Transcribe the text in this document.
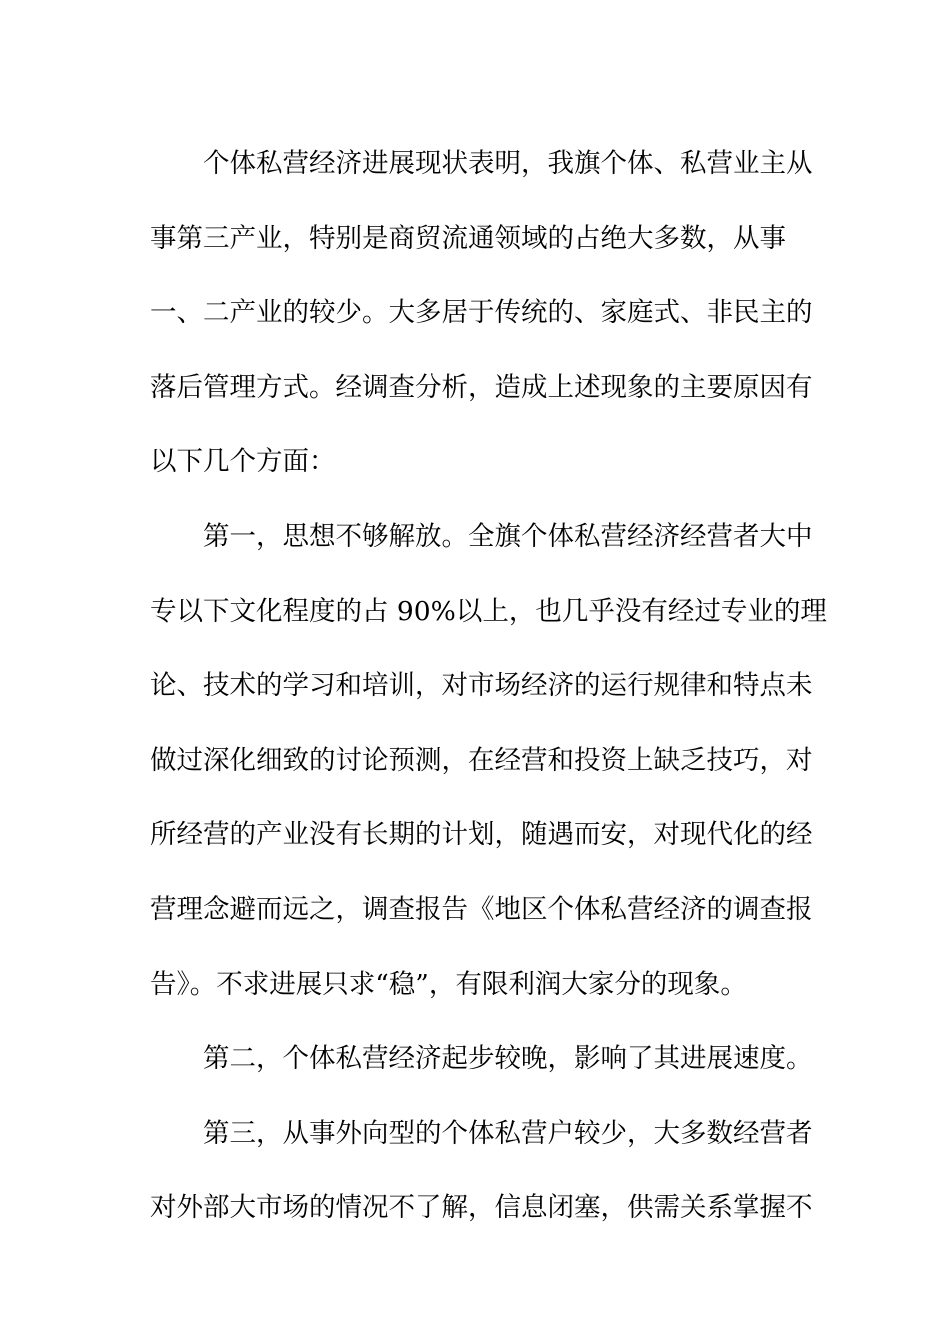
个体私营经济进展现状表明，我旗个体、私营业主从
事第三产业，特别是商贸流通领域的占绝大多数，从事
一、二产业的较少。大多居于传统的、家庭式、非民主的
落后管理方式。经调查分析，造成上述现象的主要原因有
以下几个方面：
第一，思想不够解放。全旗个体私营经济经营者大中
专以下文化程度的占 90%以上，也几乎没有经过专业的理
论、技术的学习和培训，对市场经济的运行规律和特点未
做过深化细致的讨论预测，在经营和投资上缺乏技巧，对
所经营的产业没有长期的计划，随遇而安，对现代化的经
营理念避而远之，调查报告《地区个体私营经济的调查报
告》。不求进展只求“稳”，有限利润大家分的现象。
第二，个体私营经济起步较晚，影响了其进展速度。
第三，从事外向型的个体私营户较少，大多数经营者
对外部大市场的情况不了解，信息闭塞，供需关系掌握不
